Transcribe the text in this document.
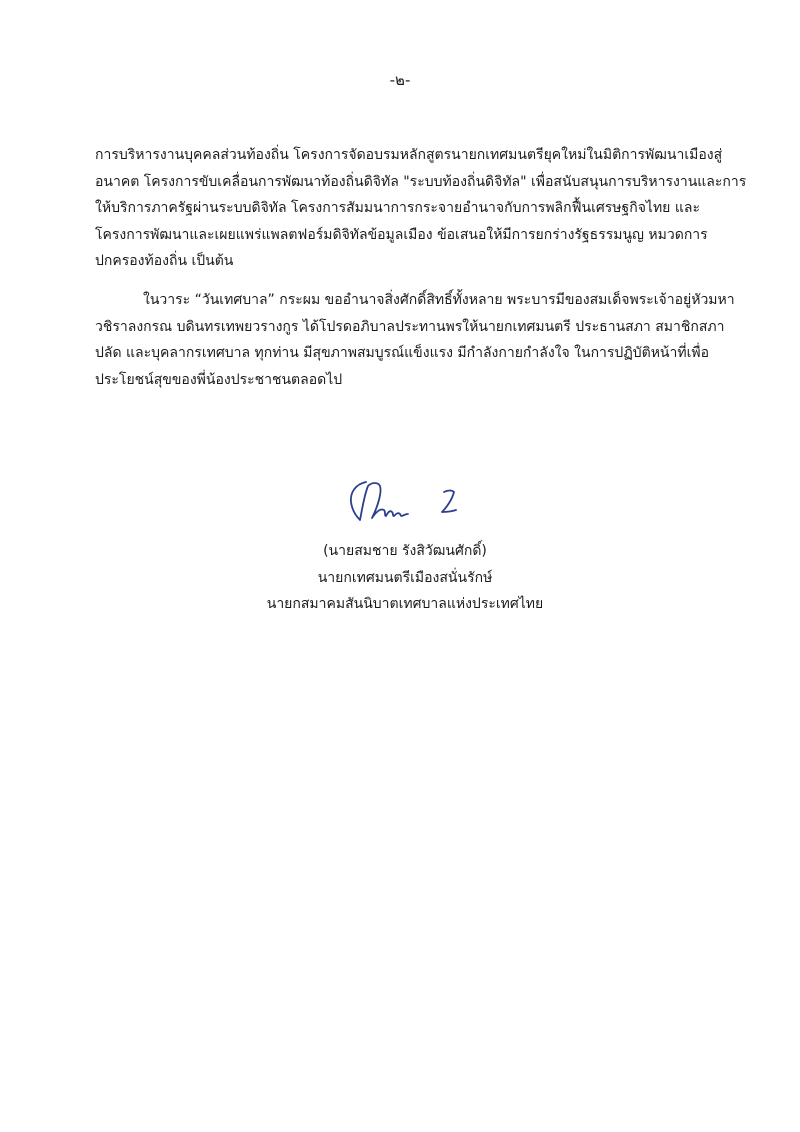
-๒-

การบริหารงานบุคคลส่วนท้องถิ่น โครงการจัดอบรมหลักสูตรนายกเทศมนตรียุคใหม่ในมิติการพัฒนาเมืองสู่
อนาคต โครงการขับเคลื่อนการพัฒนาท้องถิ่นดิจิทัล "ระบบท้องถิ่นดิจิทัล" เพื่อสนับสนุนการบริหารงานและการ
ให้บริการภาครัฐผ่านระบบดิจิทัล โครงการสัมมนาการกระจายอำนาจกับการพลิกฟื้นเศรษฐกิจไทย และ
โครงการพัฒนาและเผยแพร่แพลตฟอร์มดิจิทัลข้อมูลเมือง ข้อเสนอให้มีการยกร่างรัฐธรรมนูญ หมวดการ
ปกครองท้องถิ่น เป็นต้น

ในวาระ “วันเทศบาล” กระผม ขออำนาจสิ่งศักดิ์สิทธิ์ทั้งหลาย พระบารมีของสมเด็จพระเจ้าอยู่หัวมหา
วชิราลงกรณ บดินทรเทพยวรางกูร ได้โปรดอภิบาลประทานพรให้นายกเทศมนตรี ประธานสภา สมาชิกสภา
ปลัด และบุคลากรเทศบาล ทุกท่าน มีสุขภาพสมบูรณ์แข็งแรง มีกำลังกายกำลังใจ ในการปฏิบัติหน้าที่เพื่อ
ประโยชน์สุขของพี่น้องประชาชนตลอดไป

(นายสมชาย รังสิวัฒนศักดิ์)
นายกเทศมนตรีเมืองสนั่นรักษ์
นายกสมาคมสันนิบาตเทศบาลแห่งประเทศไทย
